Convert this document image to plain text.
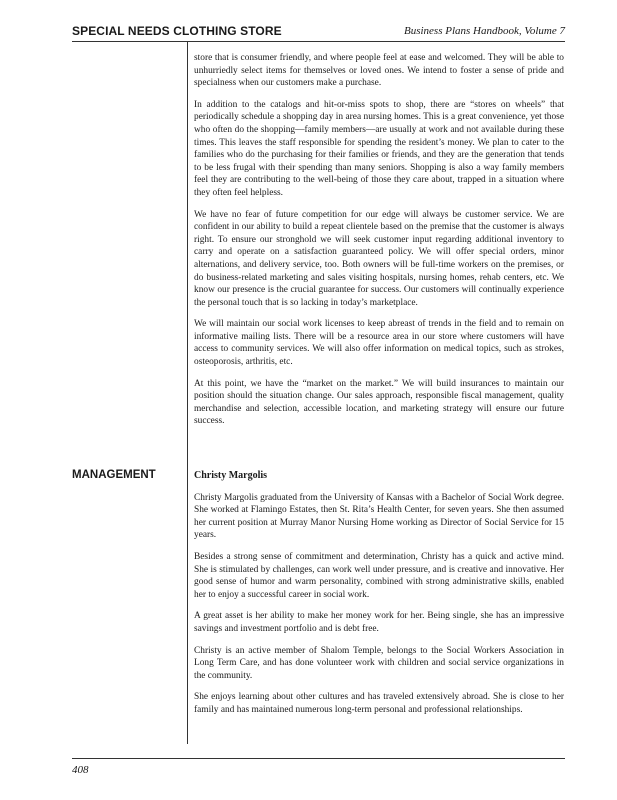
SPECIAL NEEDS CLOTHING STORE	Business Plans Handbook, Volume 7

store that is consumer friendly, and where people feel at ease and welcomed. They will be able to unhurriedly select items for themselves or loved ones. We intend to foster a sense of pride and specialness when our customers make a purchase.

In addition to the catalogs and hit-or-miss spots to shop, there are “stores on wheels” that periodically schedule a shopping day in area nursing homes. This is a great convenience, yet those who often do the shopping—family members—are usually at work and not available during these times. This leaves the staff responsible for spending the resident’s money. We plan to cater to the families who do the purchasing for their families or friends, and they are the generation that tends to be less frugal with their spending than many seniors. Shopping is also a way family members feel they are contributing to the well-being of those they care about, trapped in a situation where they often feel helpless.

We have no fear of future competition for our edge will always be customer service. We are confident in our ability to build a repeat clientele based on the premise that the customer is always right. To ensure our stronghold we will seek customer input regarding additional inventory to carry and operate on a satisfaction guaranteed policy. We will offer special orders, minor alternations, and delivery service, too. Both owners will be full-time workers on the premises, or do business-related marketing and sales visiting hospitals, nursing homes, rehab centers, etc. We know our presence is the crucial guarantee for success. Our customers will continually experience the personal touch that is so lacking in today’s marketplace.

We will maintain our social work licenses to keep abreast of trends in the field and to remain on informative mailing lists. There will be a resource area in our store where customers will have access to community services. We will also offer information on medical topics, such as strokes, osteoporosis, arthritis, etc.

At this point, we have the “market on the market.” We will build insurances to maintain our position should the situation change. Our sales approach, responsible fiscal management, quality merchandise and selection, accessible location, and marketing strategy will ensure our future success.

MANAGEMENT	Christy Margolis

Christy Margolis graduated from the University of Kansas with a Bachelor of Social Work degree. She worked at Flamingo Estates, then St. Rita’s Health Center, for seven years. She then assumed her current position at Murray Manor Nursing Home working as Director of Social Service for 15 years.

Besides a strong sense of commitment and determination, Christy has a quick and active mind. She is stimulated by challenges, can work well under pressure, and is creative and innovative. Her good sense of humor and warm personality, combined with strong administrative skills, enabled her to enjoy a successful career in social work.

A great asset is her ability to make her money work for her. Being single, she has an impressive savings and investment portfolio and is debt free.

Christy is an active member of Shalom Temple, belongs to the Social Workers Association in Long Term Care, and has done volunteer work with children and social service organizations in the community.

She enjoys learning about other cultures and has traveled extensively abroad. She is close to her family and has maintained numerous long-term personal and professional relationships.

408
